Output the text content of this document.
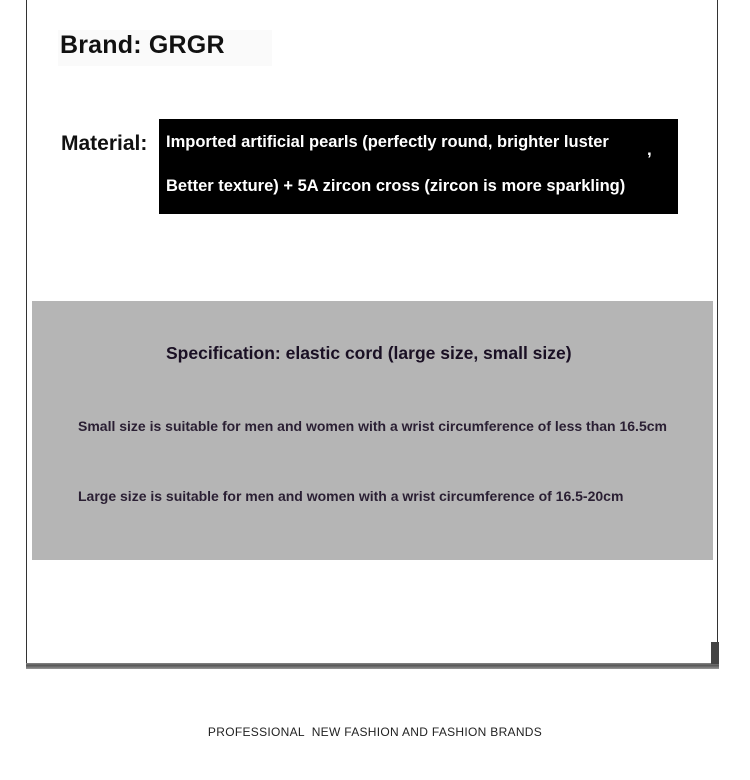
Brand: GRGR
Material: Imported artificial pearls (perfectly round, brighter luster ,
Better texture) + 5A zircon cross (zircon is more sparkling)
Specification: elastic cord (large size, small size)
Small size is suitable for men and women with a wrist circumference of less than 16.5cm
Large size is suitable for men and women with a wrist circumference of 16.5-20cm
PROFESSIONAL  NEW FASHION AND FASHION BRANDS
